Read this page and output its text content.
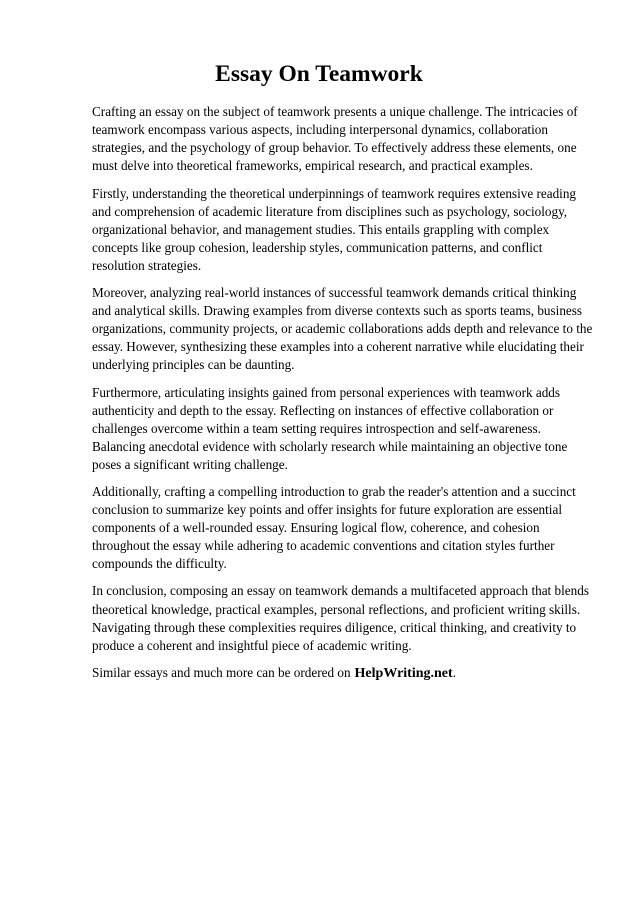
Essay On Teamwork

Crafting an essay on the subject of teamwork presents a unique challenge. The intricacies of teamwork encompass various aspects, including interpersonal dynamics, collaboration strategies, and the psychology of group behavior. To effectively address these elements, one must delve into theoretical frameworks, empirical research, and practical examples.

Firstly, understanding the theoretical underpinnings of teamwork requires extensive reading and comprehension of academic literature from disciplines such as psychology, sociology, organizational behavior, and management studies. This entails grappling with complex concepts like group cohesion, leadership styles, communication patterns, and conflict resolution strategies.

Moreover, analyzing real-world instances of successful teamwork demands critical thinking and analytical skills. Drawing examples from diverse contexts such as sports teams, business organizations, community projects, or academic collaborations adds depth and relevance to the essay. However, synthesizing these examples into a coherent narrative while elucidating their underlying principles can be daunting.

Furthermore, articulating insights gained from personal experiences with teamwork adds authenticity and depth to the essay. Reflecting on instances of effective collaboration or challenges overcome within a team setting requires introspection and self-awareness. Balancing anecdotal evidence with scholarly research while maintaining an objective tone poses a significant writing challenge.

Additionally, crafting a compelling introduction to grab the reader's attention and a succinct conclusion to summarize key points and offer insights for future exploration are essential components of a well-rounded essay. Ensuring logical flow, coherence, and cohesion throughout the essay while adhering to academic conventions and citation styles further compounds the difficulty.

In conclusion, composing an essay on teamwork demands a multifaceted approach that blends theoretical knowledge, practical examples, personal reflections, and proficient writing skills. Navigating through these complexities requires diligence, critical thinking, and creativity to produce a coherent and insightful piece of academic writing.

Similar essays and much more can be ordered on HelpWriting.net.
